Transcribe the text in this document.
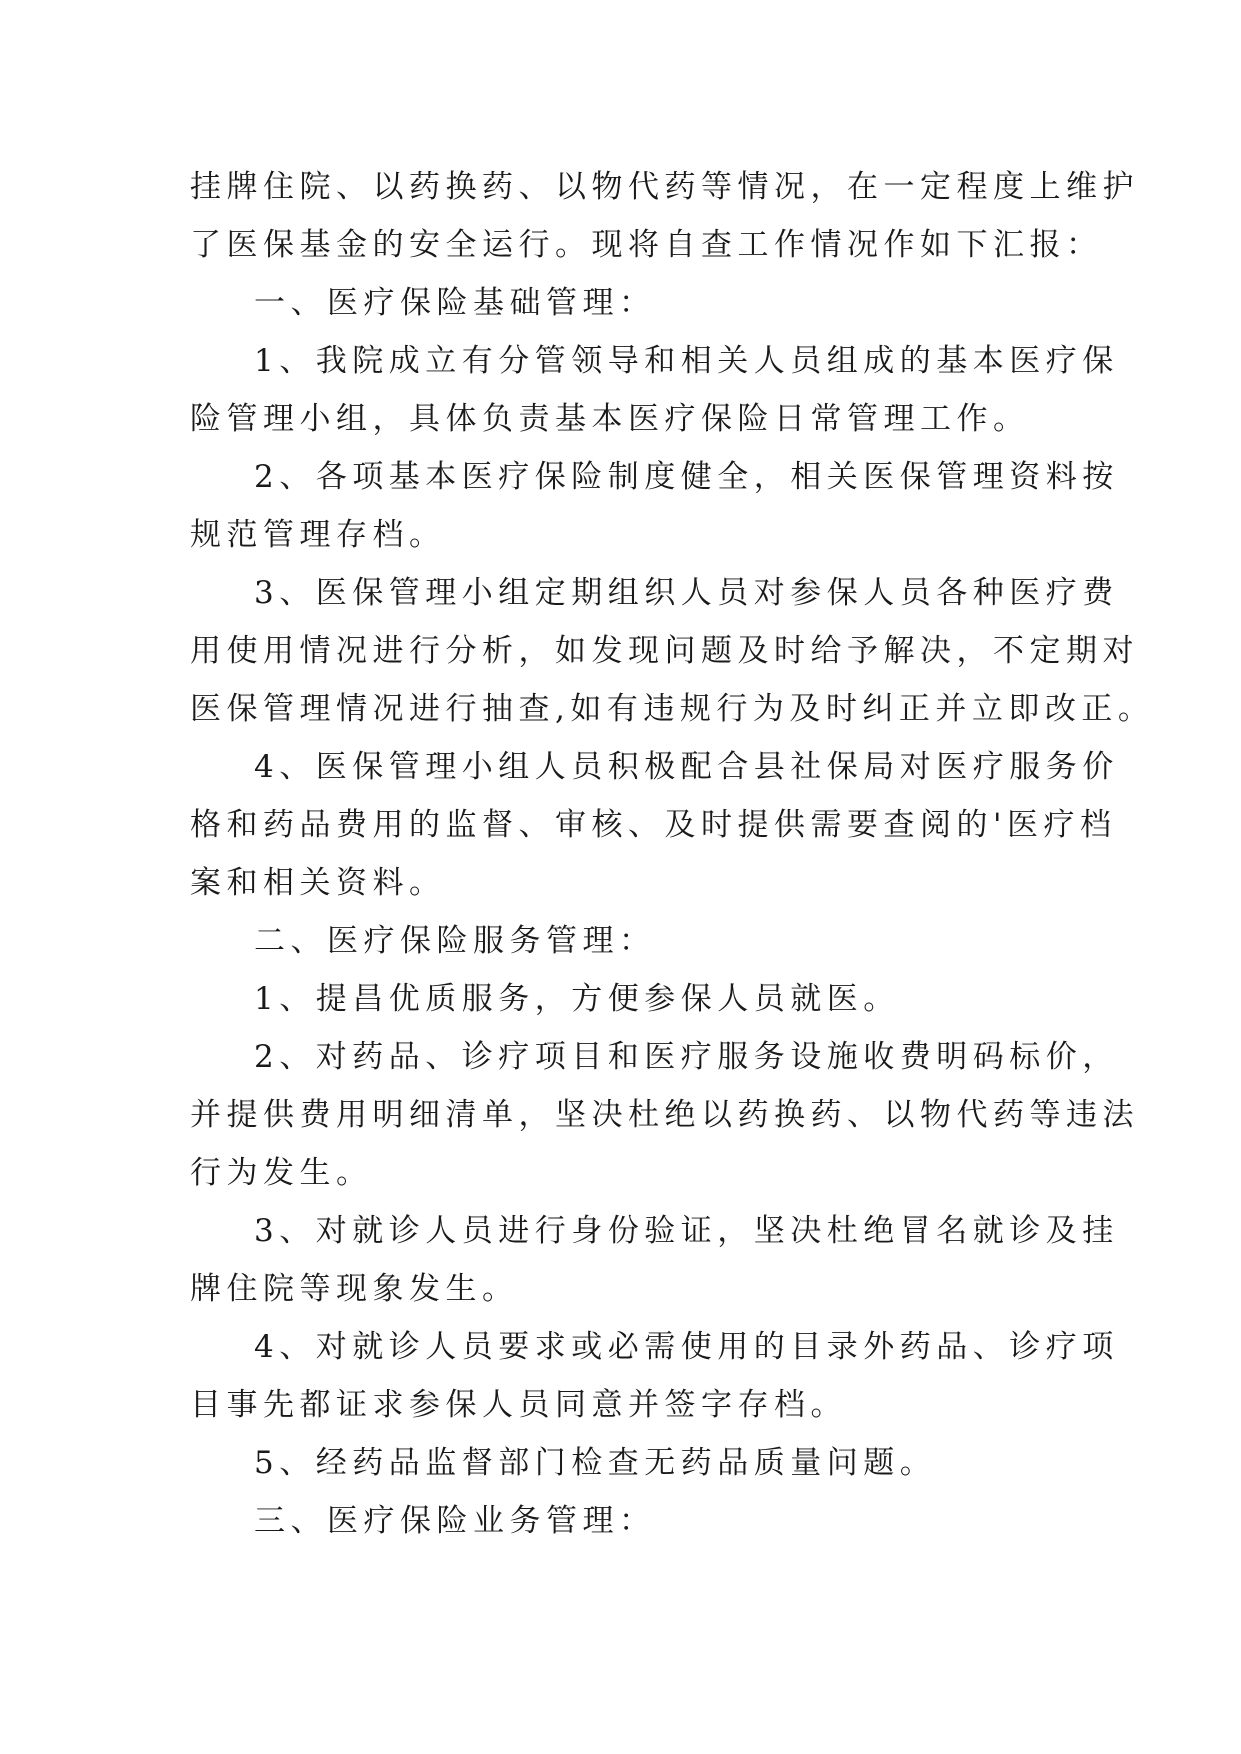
挂牌住院、以药换药、以物代药等情况，在一定程度上维护
了医保基金的安全运行。现将自查工作情况作如下汇报：
一、医疗保险基础管理：
1、我院成立有分管领导和相关人员组成的基本医疗保
险管理小组，具体负责基本医疗保险日常管理工作。
2、各项基本医疗保险制度健全，相关医保管理资料按
规范管理存档。
3、医保管理小组定期组织人员对参保人员各种医疗费
用使用情况进行分析，如发现问题及时给予解决，不定期对
医保管理情况进行抽查,如有违规行为及时纠正并立即改正。
4、医保管理小组人员积极配合县社保局对医疗服务价
格和药品费用的监督、审核、及时提供需要查阅的'医疗档
案和相关资料。
二、医疗保险服务管理：
1、提昌优质服务，方便参保人员就医。
2、对药品、诊疗项目和医疗服务设施收费明码标价，
并提供费用明细清单，坚决杜绝以药换药、以物代药等违法
行为发生。
3、对就诊人员进行身份验证，坚决杜绝冒名就诊及挂
牌住院等现象发生。
4、对就诊人员要求或必需使用的目录外药品、诊疗项
目事先都证求参保人员同意并签字存档。
5、经药品监督部门检查无药品质量问题。
三、医疗保险业务管理：
